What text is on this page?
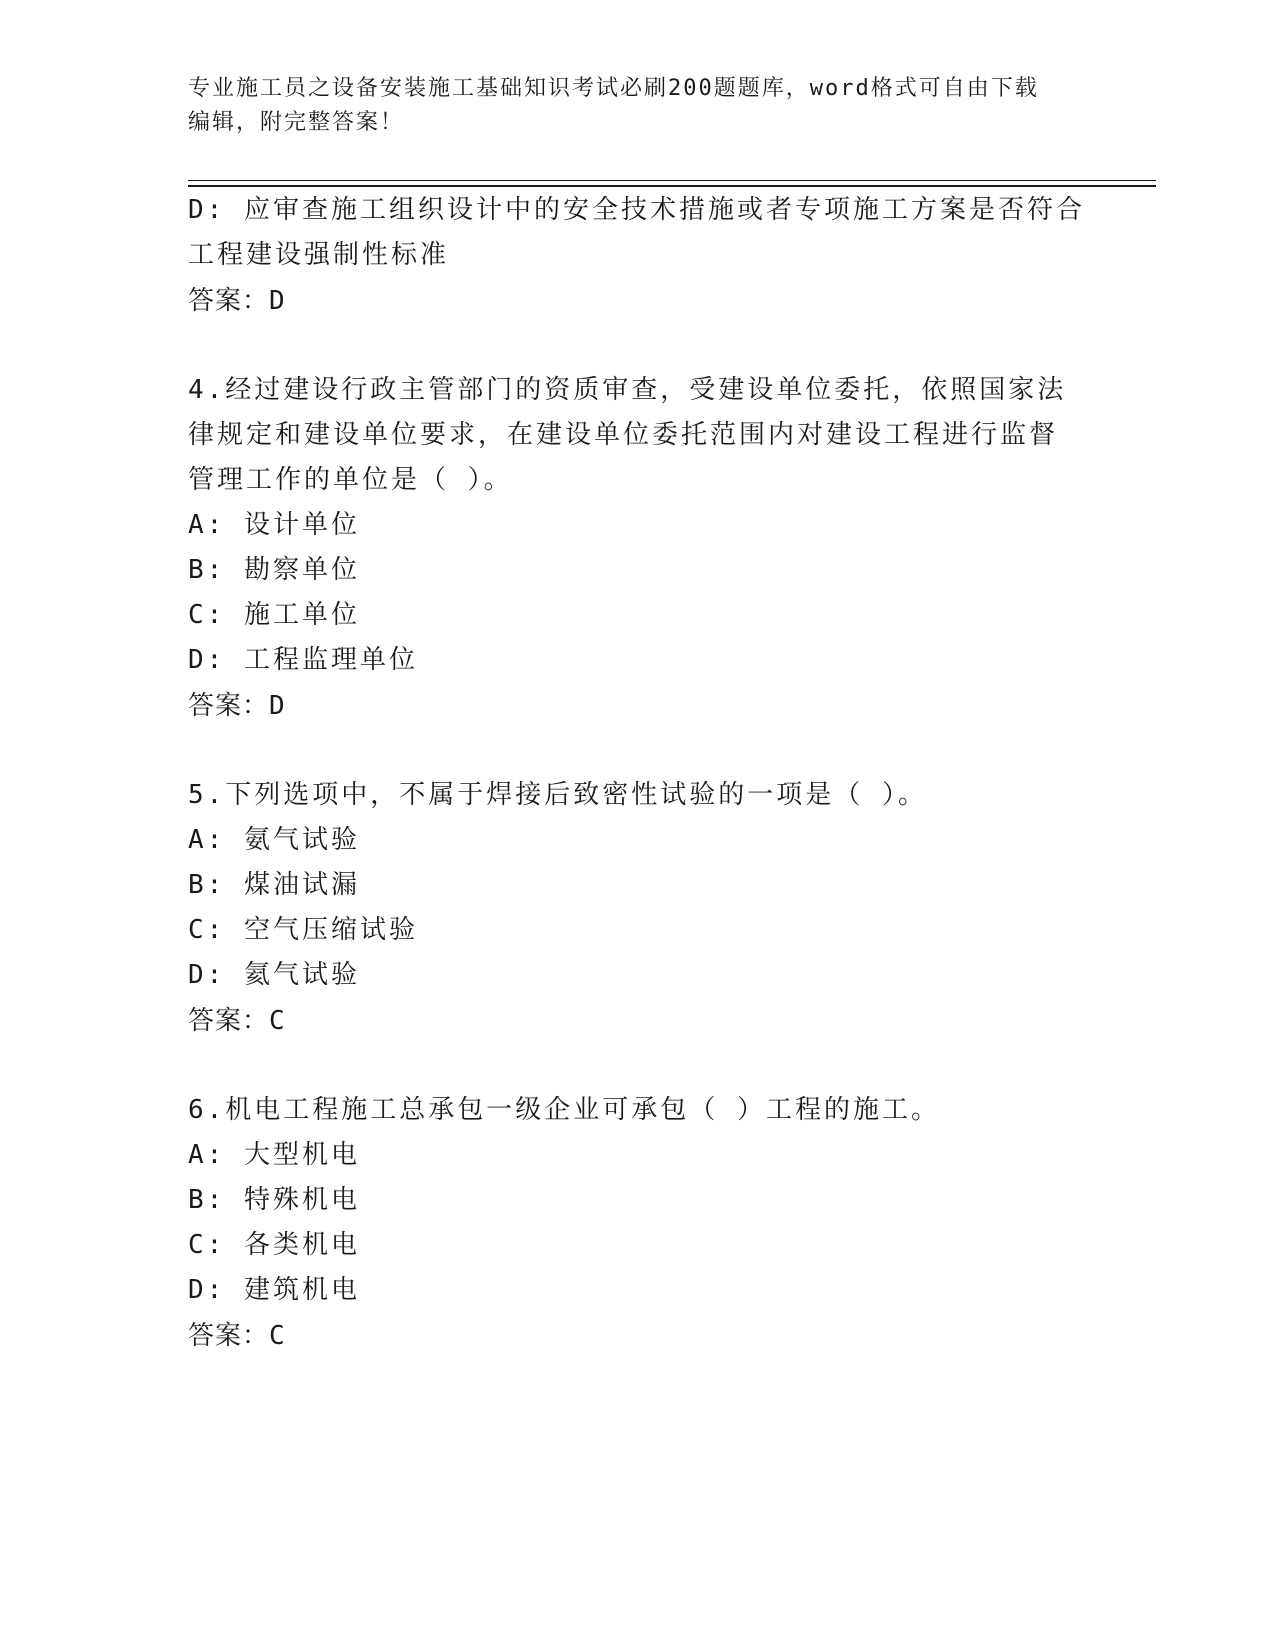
专业施工员之设备安装施工基础知识考试必刷200题题库，word格式可自由下载
编辑，附完整答案！
D: 应审查施工组织设计中的安全技术措施或者专项施工方案是否符合
工程建设强制性标准
答案：D
4.经过建设行政主管部门的资质审查，受建设单位委托，依照国家法
律规定和建设单位要求，在建设单位委托范围内对建设工程进行监督
管理工作的单位是（ ）。
A: 设计单位
B: 勘察单位
C: 施工单位
D: 工程监理单位
答案：D
5.下列选项中，不属于焊接后致密性试验的一项是（ ）。
A: 氨气试验
B: 煤油试漏
C: 空气压缩试验
D: 氦气试验
答案：C
6.机电工程施工总承包一级企业可承包（ ）工程的施工。
A: 大型机电
B: 特殊机电
C: 各类机电
D: 建筑机电
答案：C
